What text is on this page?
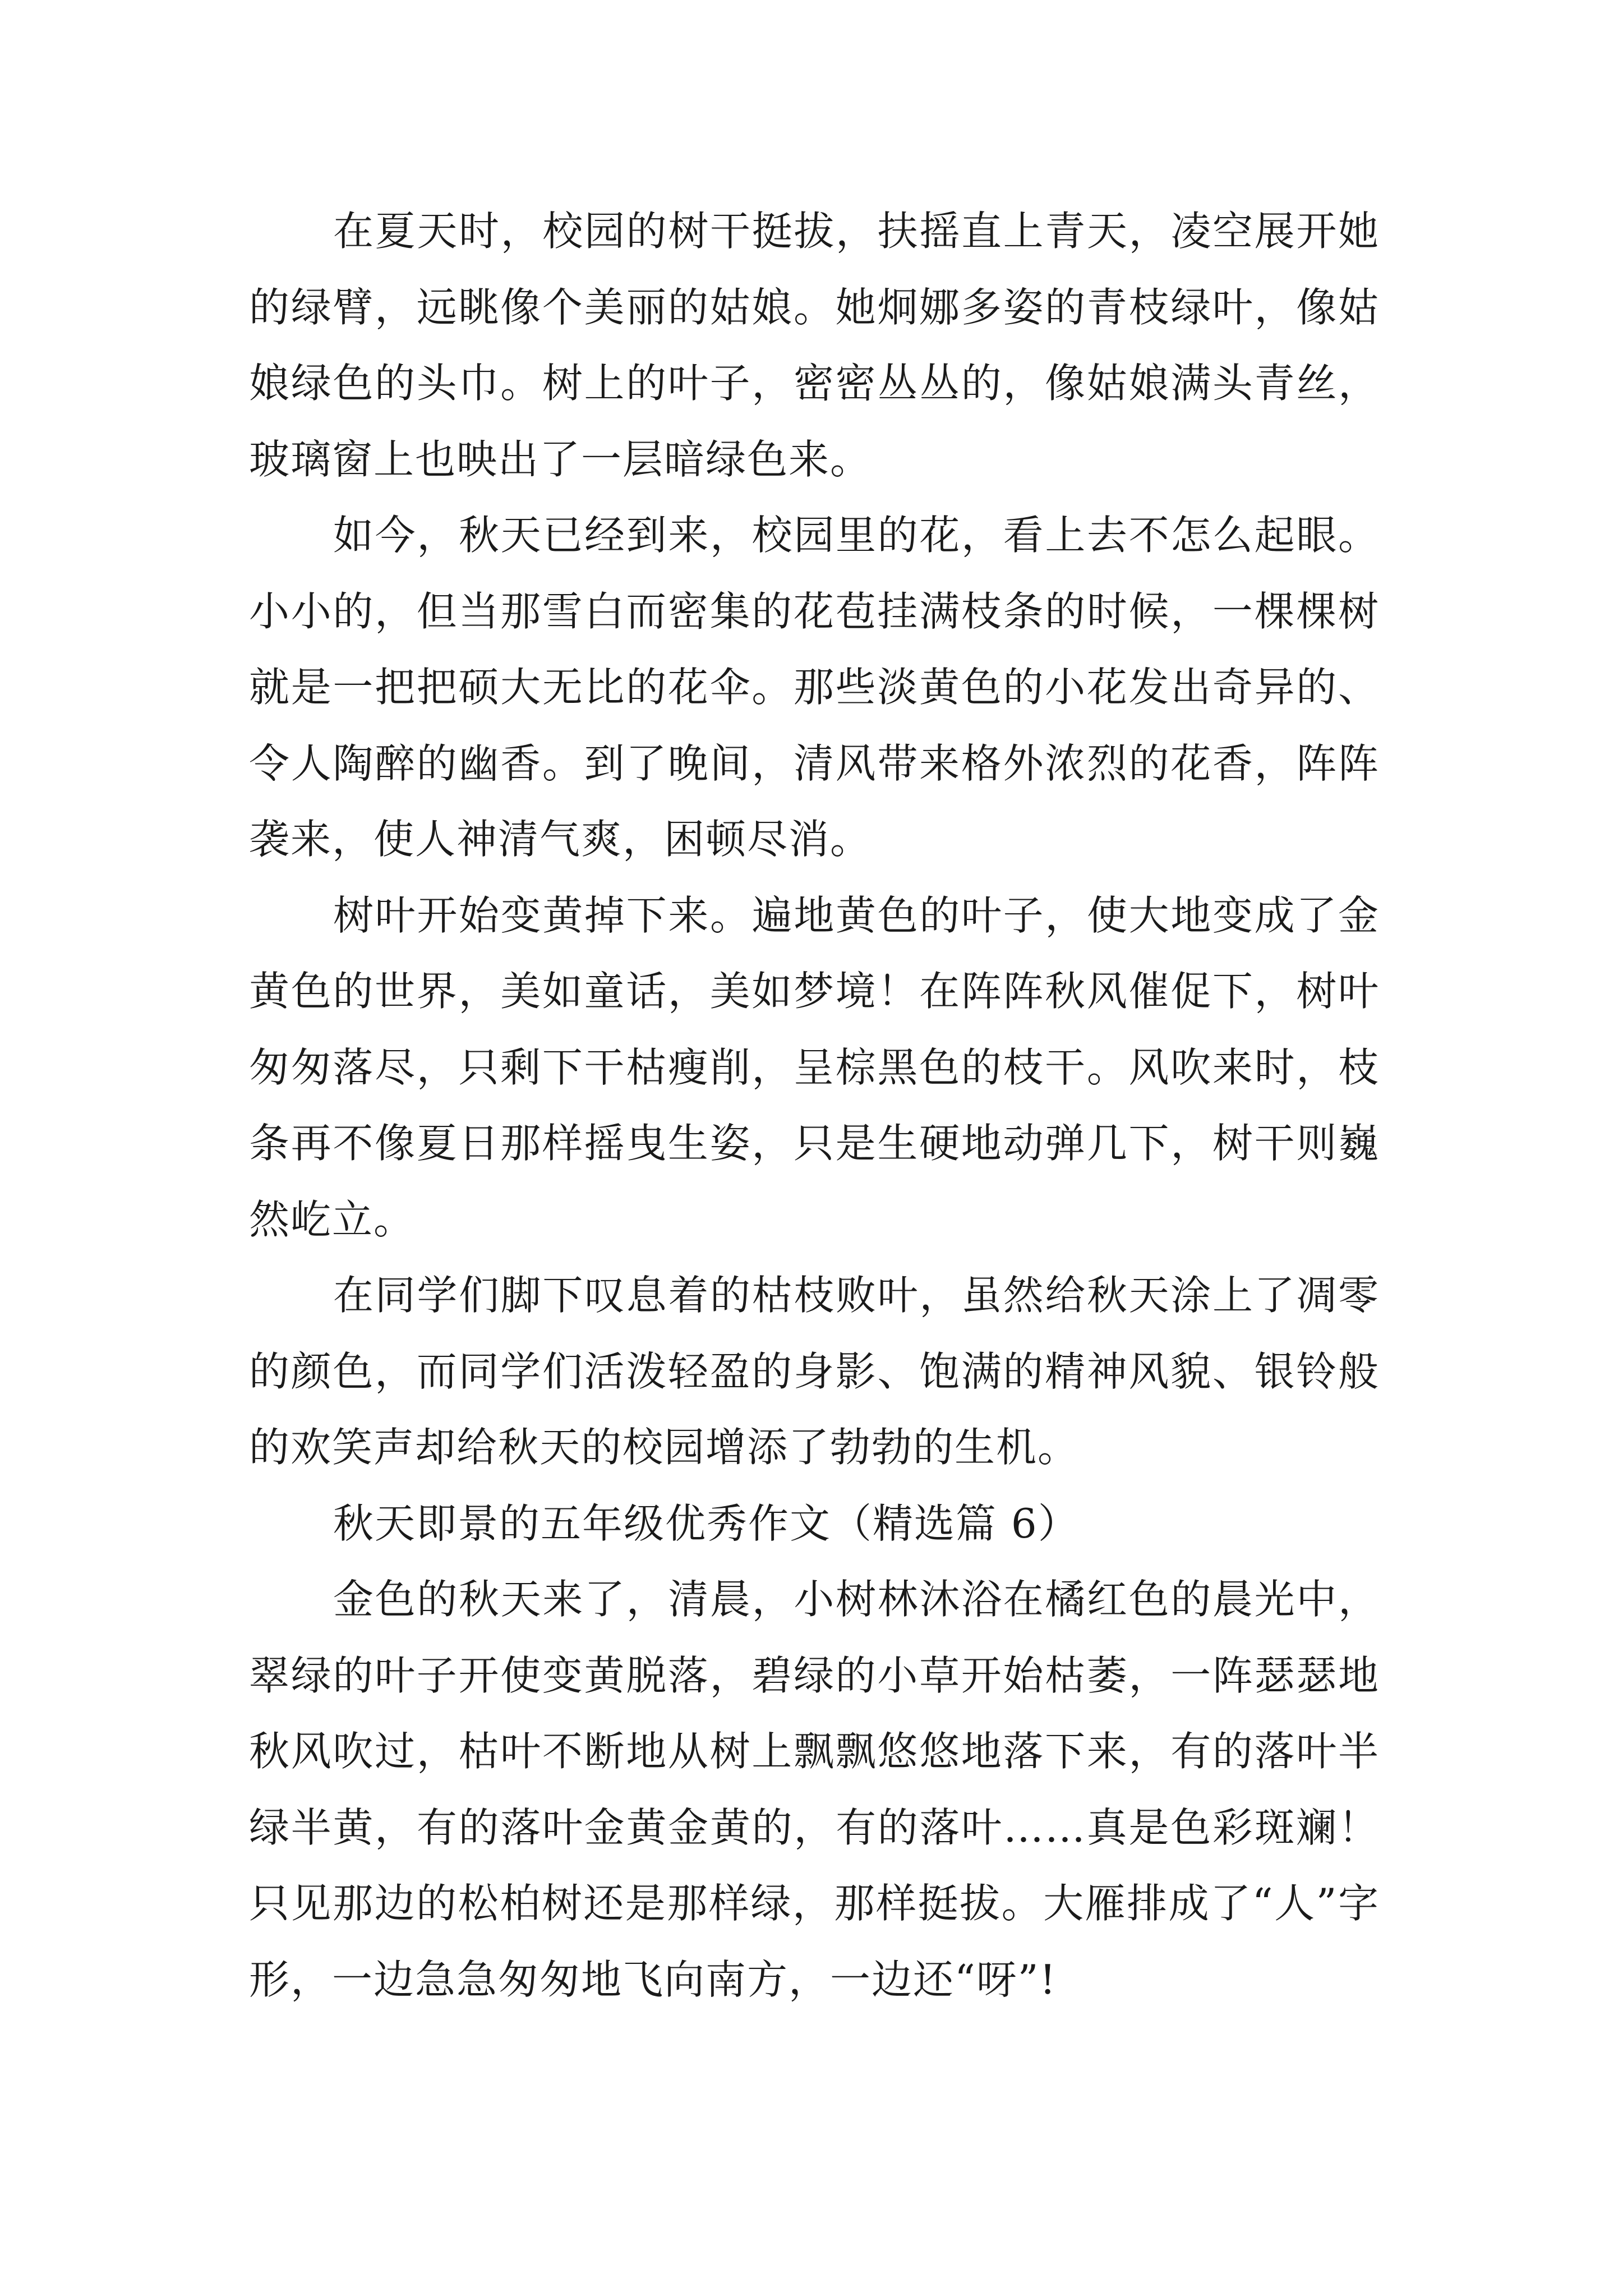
在夏天时，校园的树干挺拔，扶摇直上青天，凌空展开她的绿臂，远眺像个美丽的姑娘。她炯娜多姿的青枝绿叶，像姑娘绿色的头巾。树上的叶子，密密丛丛的，像姑娘满头青丝，玻璃窗上也映出了一层暗绿色来。

如今，秋天已经到来，校园里的花，看上去不怎么起眼。小小的，但当那雪白而密集的花苞挂满枝条的时候，一棵棵树就是一把把硕大无比的花伞。那些淡黄色的小花发出奇异的、令人陶醉的幽香。到了晚间，清风带来格外浓烈的花香，阵阵袭来，使人神清气爽，困顿尽消。

树叶开始变黄掉下来。遍地黄色的叶子，使大地变成了金黄色的世界，美如童话，美如梦境！在阵阵秋风催促下，树叶匆匆落尽，只剩下干枯瘦削，呈棕黑色的枝干。风吹来时，枝条再不像夏日那样摇曳生姿，只是生硬地动弹几下，树干则巍然屹立。

在同学们脚下叹息着的枯枝败叶，虽然给秋天涂上了凋零的颜色，而同学们活泼轻盈的身影、饱满的精神风貌、银铃般的欢笑声却给秋天的校园增添了勃勃的生机。

秋天即景的五年级优秀作文（精选篇 6）

金色的秋天来了，清晨，小树林沐浴在橘红色的晨光中，翠绿的叶子开使变黄脱落，碧绿的小草开始枯萎，一阵瑟瑟地秋风吹过，枯叶不断地从树上飘飘悠悠地落下来，有的落叶半绿半黄，有的落叶金黄金黄的，有的落叶……真是色彩斑斓！只见那边的松柏树还是那样绿，那样挺拔。大雁排成了“人”字形，一边急急匆匆地飞向南方，一边还“呀”!
